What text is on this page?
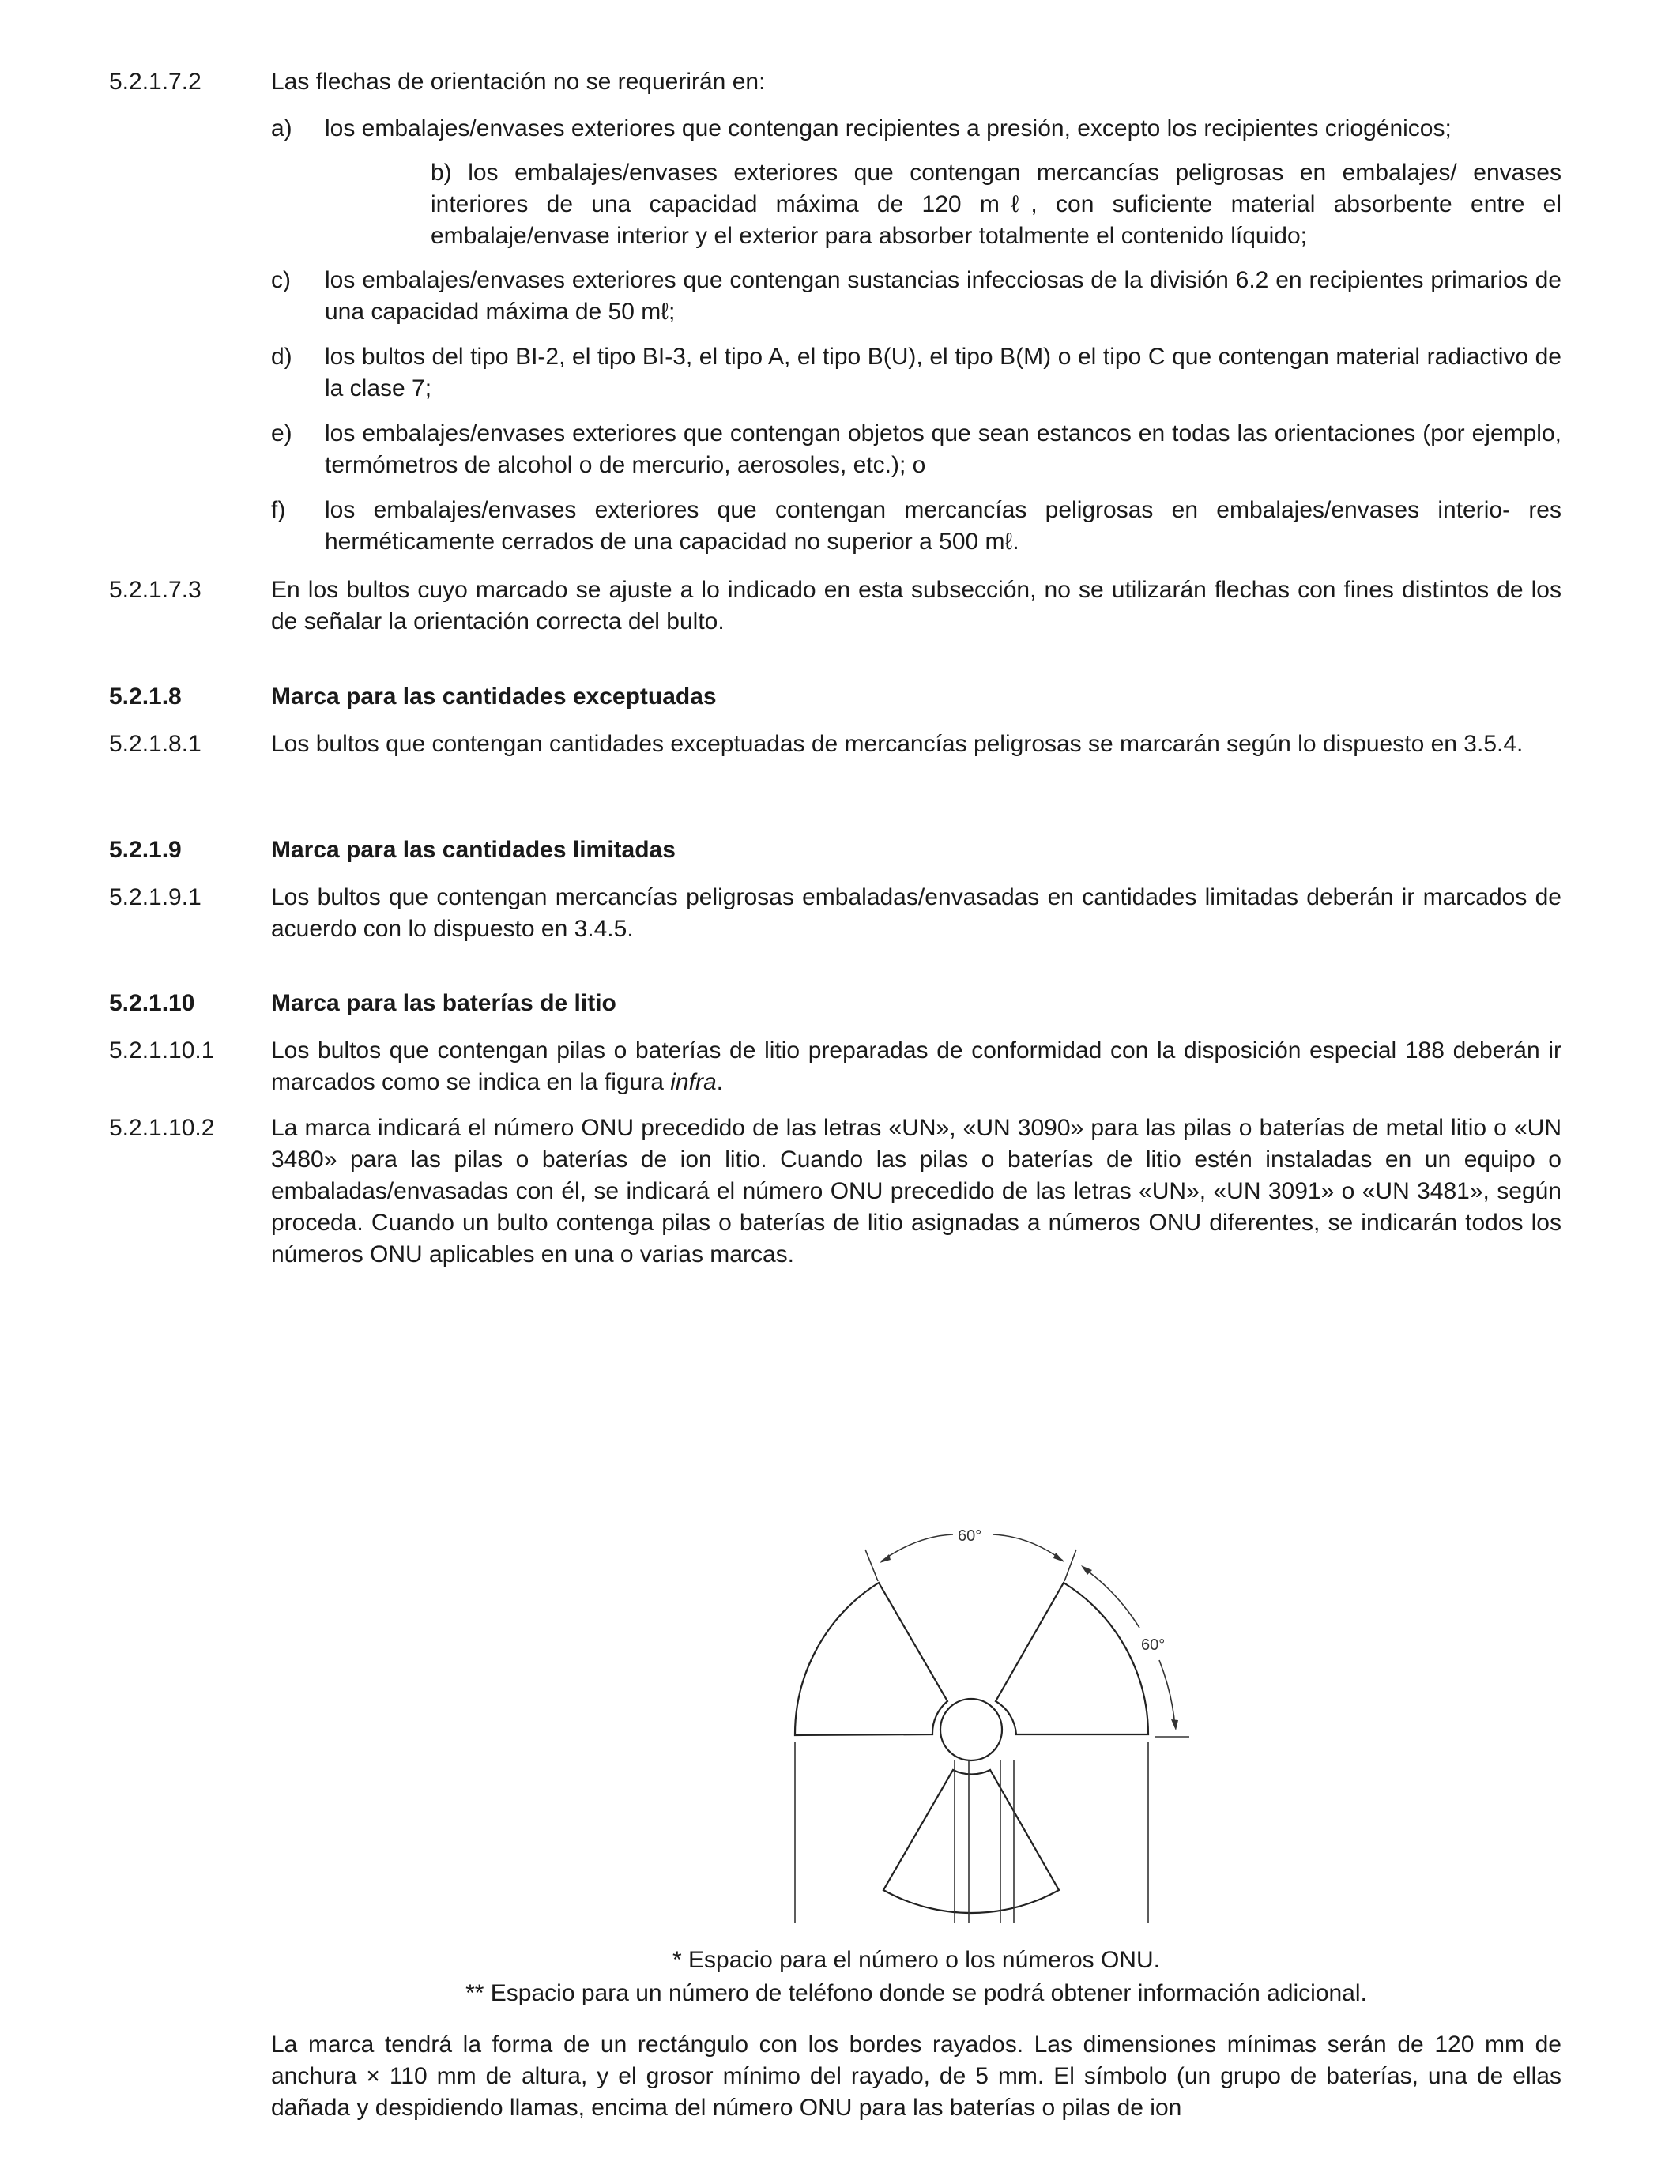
5.2.1.7.2	Las flechas de orientación no se requerirán en:
a)	los embalajes/envases exteriores que contengan recipientes a presión, excepto los recipientes criogénicos;
b) los embalajes/envases exteriores que contengan mercancías peligrosas en embalajes/ envases interiores de una capacidad máxima de 120 mℓ, con suficiente material absorbente entre el embalaje/envase interior y el exterior para absorber totalmente el contenido líquido;
c)	los embalajes/envases exteriores que contengan sustancias infecciosas de la división 6.2 en recipientes primarios de una capacidad máxima de 50 mℓ;
d)	los bultos del tipo BI-2, el tipo BI-3, el tipo A, el tipo B(U), el tipo B(M) o el tipo C que contengan material radiactivo de la clase 7;
e)	los embalajes/envases exteriores que contengan objetos que sean estancos en todas las orientaciones (por ejemplo, termómetros de alcohol o de mercurio, aerosoles, etc.); o
f)	los embalajes/envases exteriores que contengan mercancías peligrosas en embalajes/envases interio- res herméticamente cerrados de una capacidad no superior a 500 mℓ.
5.2.1.7.3	En los bultos cuyo marcado se ajuste a lo indicado en esta subsección, no se utilizarán flechas con fines distintos de los de señalar la orientación correcta del bulto.
5.2.1.8	Marca para las cantidades exceptuadas
5.2.1.8.1	Los bultos que contengan cantidades exceptuadas de mercancías peligrosas se marcarán según lo dispuesto en 3.5.4.
5.2.1.9	Marca para las cantidades limitadas
5.2.1.9.1	Los bultos que contengan mercancías peligrosas embaladas/envasadas en cantidades limitadas deberán ir marcados de acuerdo con lo dispuesto en 3.4.5.
5.2.1.10	Marca para las baterías de litio
5.2.1.10.1	Los bultos que contengan pilas o baterías de litio preparadas de conformidad con la disposición especial 188 deberán ir marcados como se indica en la figura infra.
5.2.1.10.2	La marca indicará el número ONU precedido de las letras «UN», «UN 3090» para las pilas o baterías de metal litio o «UN 3480» para las pilas o baterías de ion litio. Cuando las pilas o baterías de litio estén instaladas en un equipo o embaladas/envasadas con él, se indicará el número ONU precedido de las letras «UN», «UN 3091» o «UN 3481», según proceda. Cuando un bulto contenga pilas o baterías de litio asignadas a números ONU diferentes, se indicarán todos los números ONU aplicables en una o varias marcas.
60°
60°
* Espacio para el número o los números ONU.
** Espacio para un número de teléfono donde se podrá obtener información adicional.
La marca tendrá la forma de un rectángulo con los bordes rayados. Las dimensiones mínimas serán de 120 mm de anchura × 110 mm de altura, y el grosor mínimo del rayado, de 5 mm. El símbolo (un grupo de baterías, una de ellas dañada y despidiendo llamas, encima del número ONU para las baterías o pilas de ion
